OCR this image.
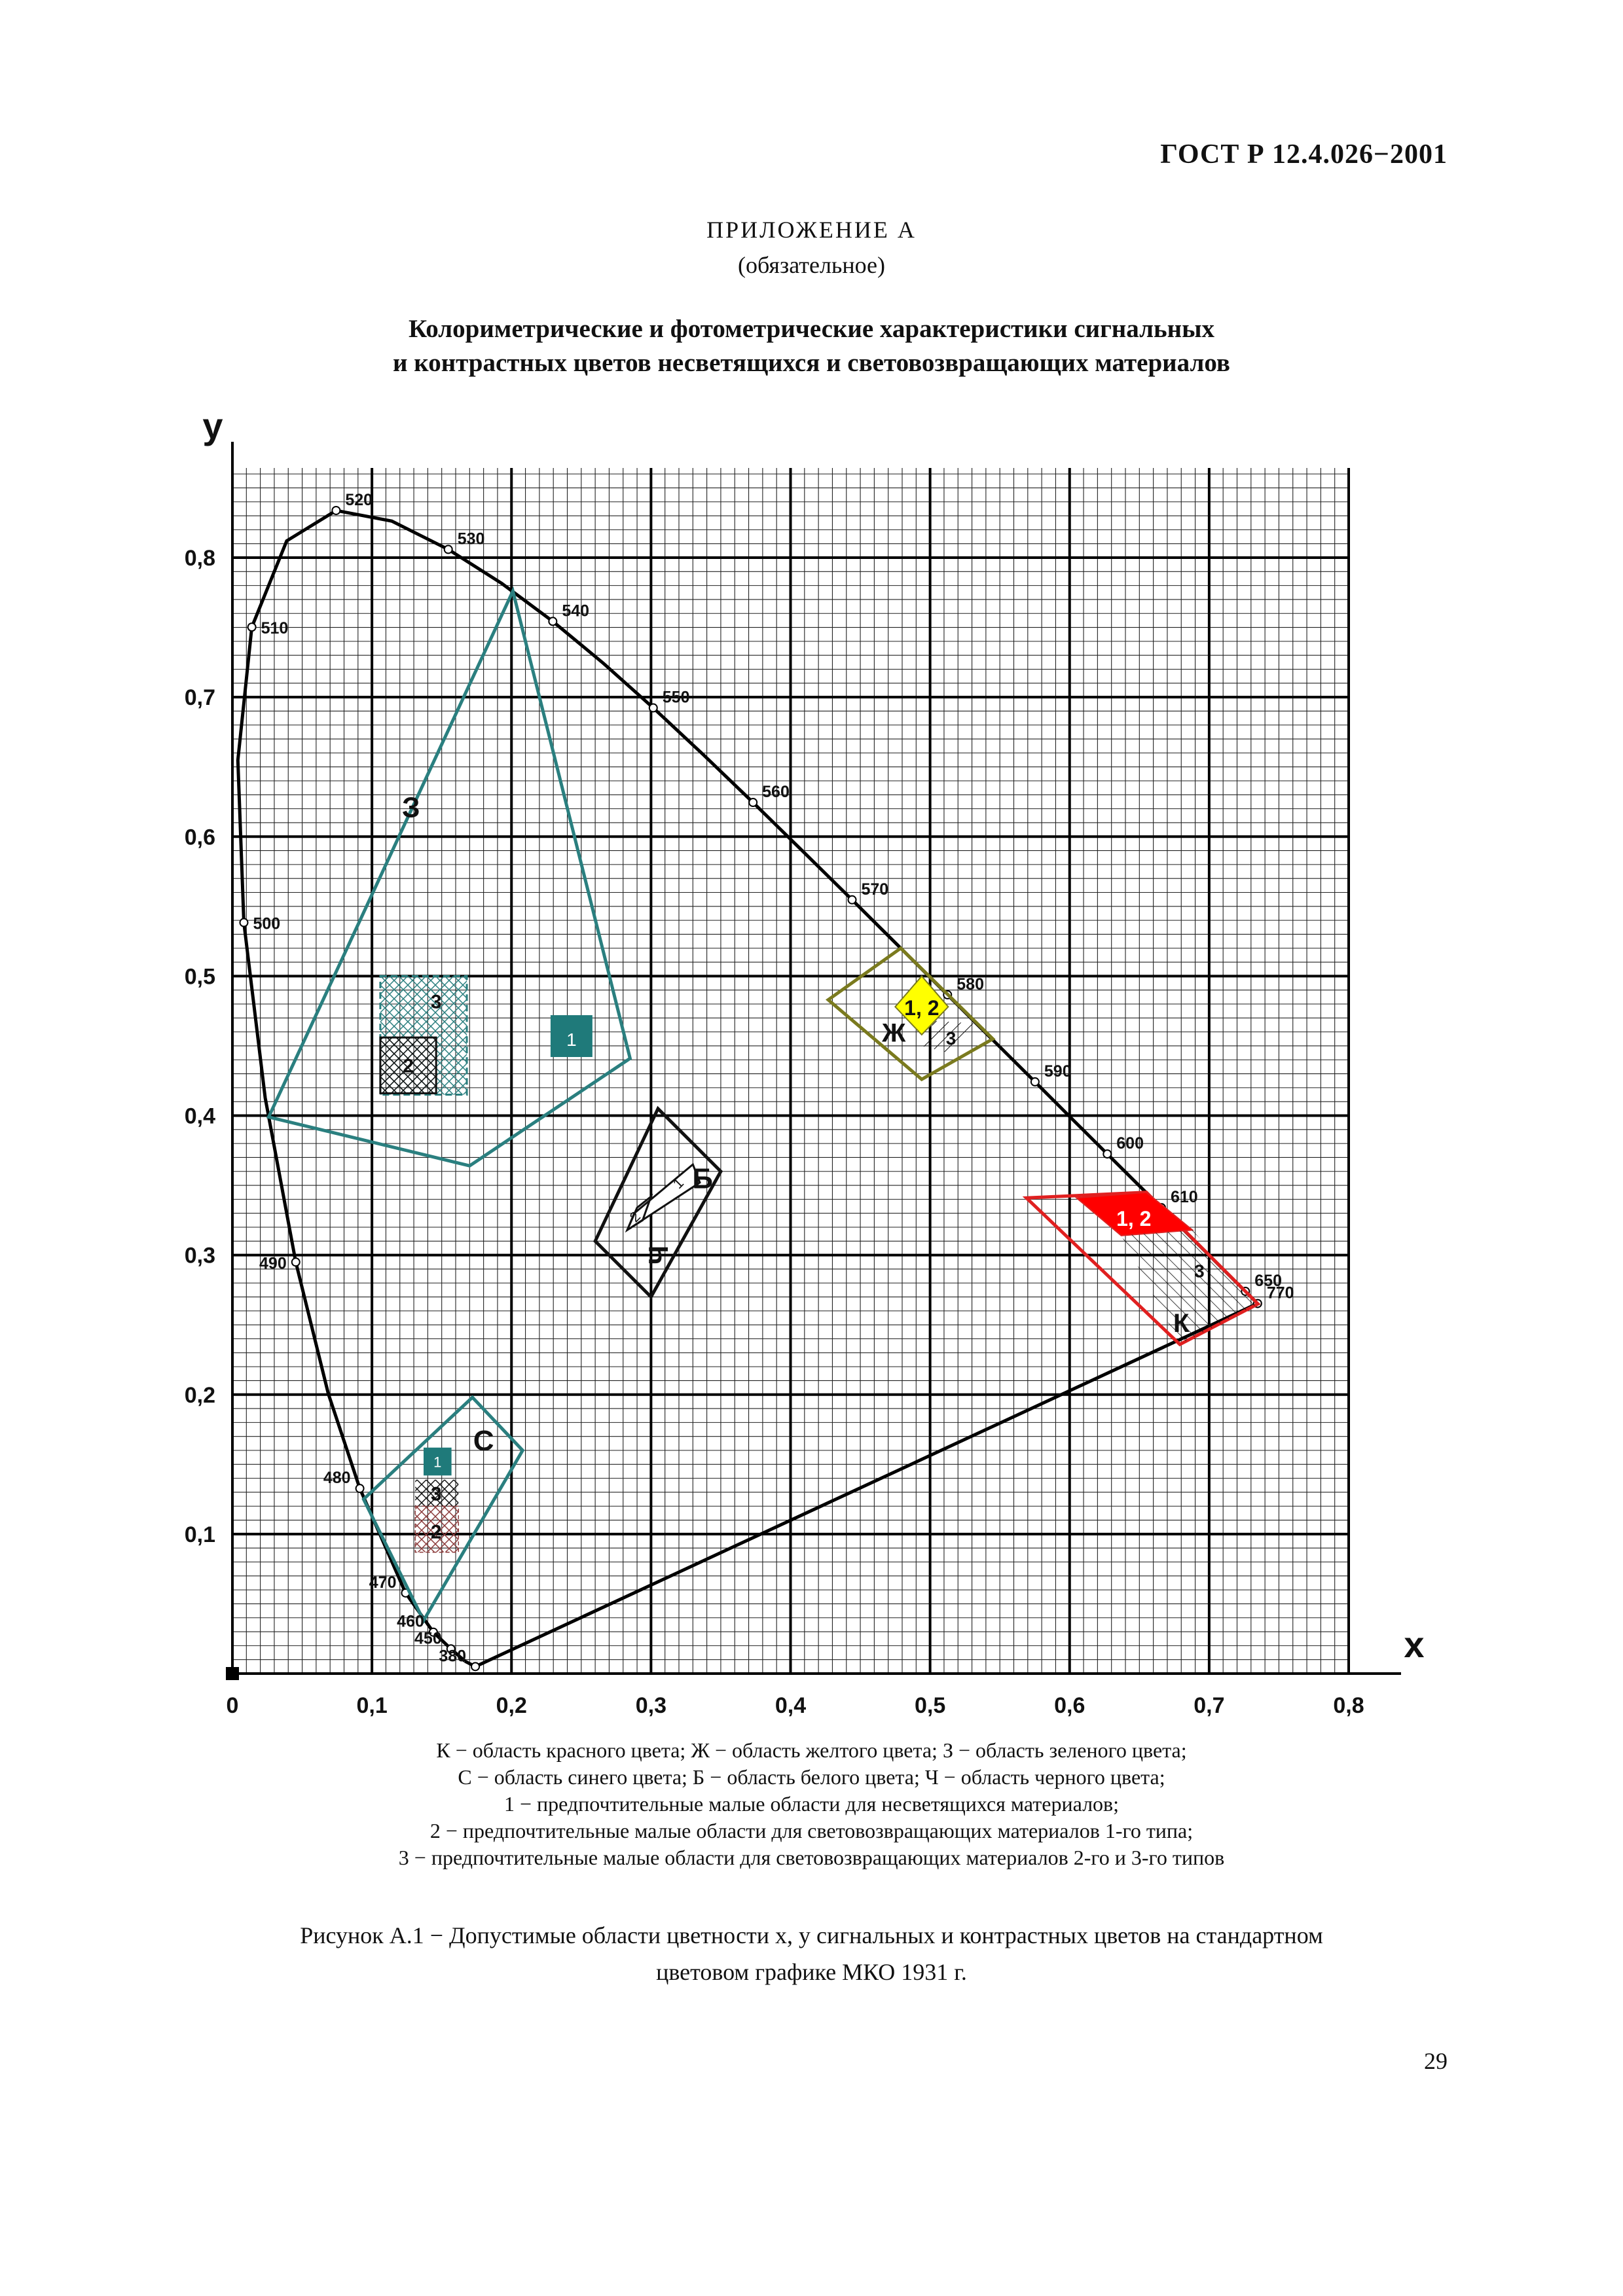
ГОСТ Р 12.4.026−2001
ПРИЛОЖЕНИЕ А
(обязательное)
Колориметрические и фотометрические характеристики сигнальных
и контрастных цветов несветящихся и световозвращающих материалов
0	0,1	0,2	0,3	0,4	0,5	0,6	0,7	0,8
0,1
0,2
0,3
0,4
0,5
0,6
0,7
0,8
x
y
380
450
460
470
480
490
500
510
520
530
540
550
560
570
580
590
600
610
650
770
З
Ж
К
С
Б
Ч
3
2
1
1, 2
3
1, 2
3
1
3
2
1
2
К − область красного цвета; Ж − область желтого цвета; З − область зеленого цвета;
С − область синего цвета; Б − область белого цвета; Ч − область черного цвета;
1 − предпочтительные малые области для несветящихся материалов;
2 − предпочтительные малые области для световозвращающих материалов 1-го типа;
3 − предпочтительные малые области для световозвращающих материалов 2-го и 3-го типов
Рисунок А.1 − Допустимые области цветности x, y сигнальных и контрастных цветов на стандартном
цветовом графике МКО 1931 г.
29
